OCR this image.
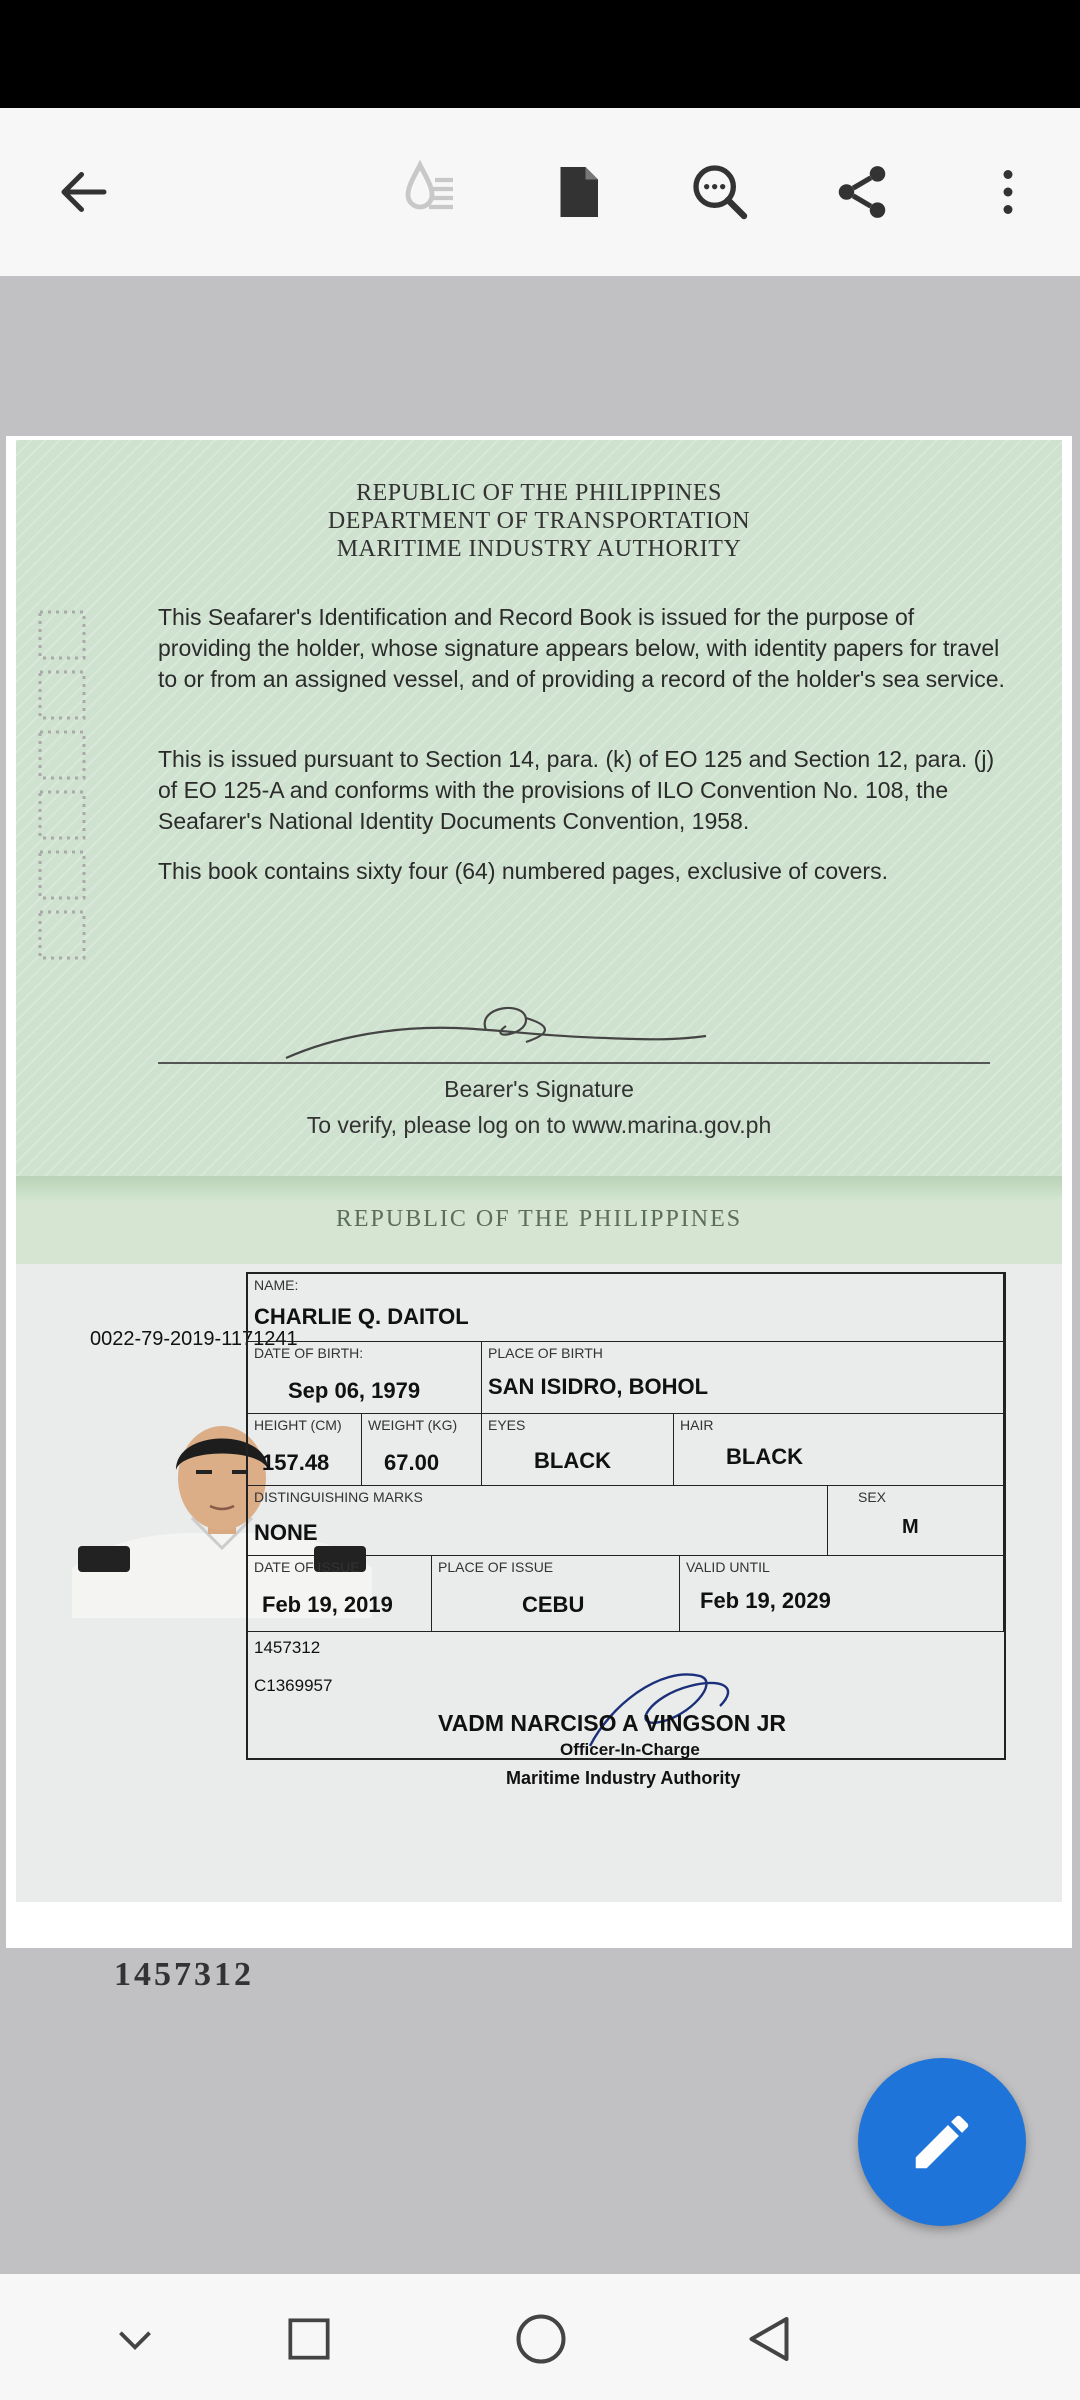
REPUBLIC OF THE PHILIPPINES
DEPARTMENT OF TRANSPORTATION
MARITIME INDUSTRY AUTHORITY
This Seafarer's Identification and Record Book is issued for the purpose of providing the holder, whose signature appears below, with identity papers for travel to or from an assigned vessel, and of providing a record of the holder's sea service.
This is issued pursuant to Section 14, para. (k) of EO 125 and Section 12, para. (j) of EO 125-A and conforms with the provisions of ILO Convention No. 108, the Seafarer's National Identity Documents Convention, 1958.
This book contains sixty four (64) numbered pages, exclusive of covers.
Bearer's Signature
To verify, please log on to www.marina.gov.ph
REPUBLIC OF THE PHILIPPINES
0022-79-2019-1171241
1457312
NAME:
CHARLIE Q. DAITOL
DATE OF BIRTH:
Sep 06, 1979
PLACE OF BIRTH
SAN ISIDRO, BOHOL
HEIGHT (CM)
157.48
WEIGHT (KG)
67.00
EYES
BLACK
HAIR
BLACK
DISTINGUISHING MARKS
NONE
SEX
M
DATE OF ISSUE
Feb 19, 2019
PLACE OF ISSUE
CEBU
VALID UNTIL
Feb 19, 2029
1457312
C1369957
VADM NARCISO A VINGSON JR
Officer-In-Charge
Maritime Industry Authority
